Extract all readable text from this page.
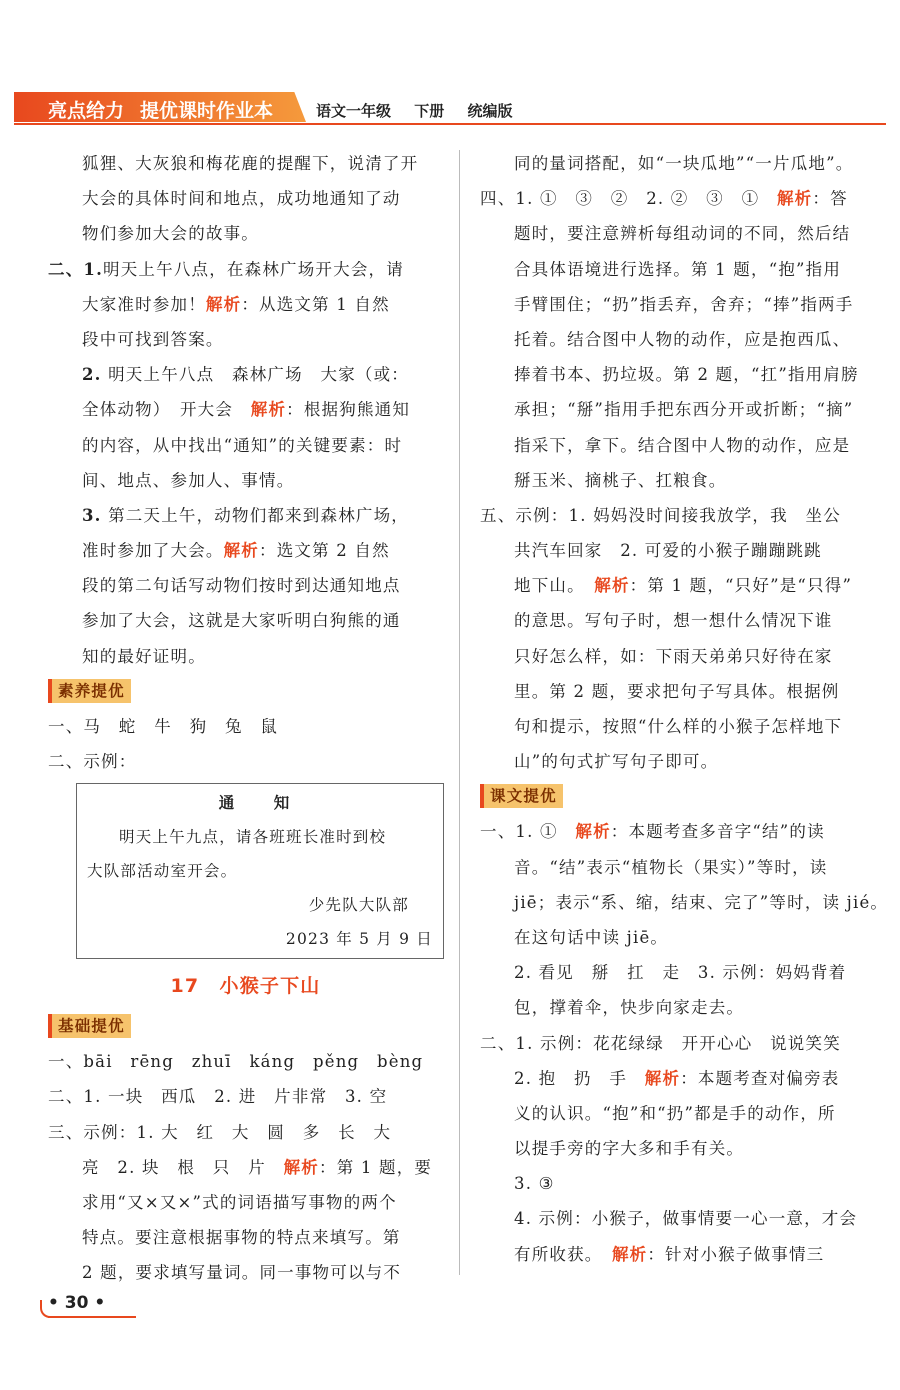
亮点给力 提优课时作业本	语文一年级 下册 统编版
狐狸、大灰狼和梅花鹿的提醒下，说清了开
大会的具体时间和地点，成功地通知了动
物们参加大会的故事。
二、1.明天上午八点，在森林广场开大会，请
大家准时参加！解析：从选文第 1 自然
段中可找到答案。
2. 明天上午八点　森林广场　大家（或：
全体动物）　开大会　解析：根据狗熊通知
的内容，从中找出“通知”的关键要素：时
间、地点、参加人、事情。
3. 第二天上午，动物们都来到森林广场，
准时参加了大会。解析：选文第 2 自然
段的第二句话写动物们按时到达通知地点
参加了大会，这就是大家听明白狗熊的通
知的最好证明。
素养提优
一、马　蛇　牛　狗　兔　鼠
二、示例：
通　知
明天上午九点，请各班班长准时到校
大队部活动室开会。
少先队大队部
2023 年 5 月 9 日
17　小猴子下山
基础提优
一、bāi　rēng　zhuī　káng　pěng　bèng
二、1. 一块　西瓜　2. 进　片非常　3. 空
三、示例：1. 大　红　大　圆　多　长　大
亮　2. 块　根　只　片　解析：第 1 题，要
求用“又×又×”式的词语描写事物的两个
特点。要注意根据事物的特点来填写。第
2 题，要求填写量词。同一事物可以与不
同的量词搭配，如“一块瓜地”“一片瓜地”。
四、1. ①　③　②　2. ②　③　①　解析：答
题时，要注意辨析每组动词的不同，然后结
合具体语境进行选择。第 1 题，“抱”指用
手臂围住；“扔”指丢弃，舍弃；“捧”指两手
托着。结合图中人物的动作，应是抱西瓜、
捧着书本、扔垃圾。第 2 题，“扛”指用肩膀
承担；“掰”指用手把东西分开或折断；“摘”
指采下，拿下。结合图中人物的动作，应是
掰玉米、摘桃子、扛粮食。
五、示例：1. 妈妈没时间接我放学，我　坐公
共汽车回家　2. 可爱的小猴子蹦蹦跳跳
地下山。　解析：第 1 题，“只好”是“只得”
的意思。写句子时，想一想什么情况下谁
只好怎么样，如：下雨天弟弟只好待在家
里。第 2 题，要求把句子写具体。根据例
句和提示，按照“什么样的小猴子怎样地下
山”的句式扩写句子即可。
课文提优
一、1. ①　解析：本题考查多音字“结”的读
音。“结”表示“植物长（果实）”等时，读
jiē；表示“系、缩，结束、完了”等时，读 jié。
在这句话中读 jiē。
2. 看见　掰　扛　走　3. 示例：妈妈背着
包，撑着伞，快步向家走去。
二、1. 示例：花花绿绿　开开心心　说说笑笑
2. 抱　扔　手　解析：本题考查对偏旁表
义的认识。“抱”和“扔”都是手的动作，所
以提手旁的字大多和手有关。
3. ③
4. 示例：小猴子，做事情要一心一意，才会
有所收获。　解析：针对小猴子做事情三
• 30 •
